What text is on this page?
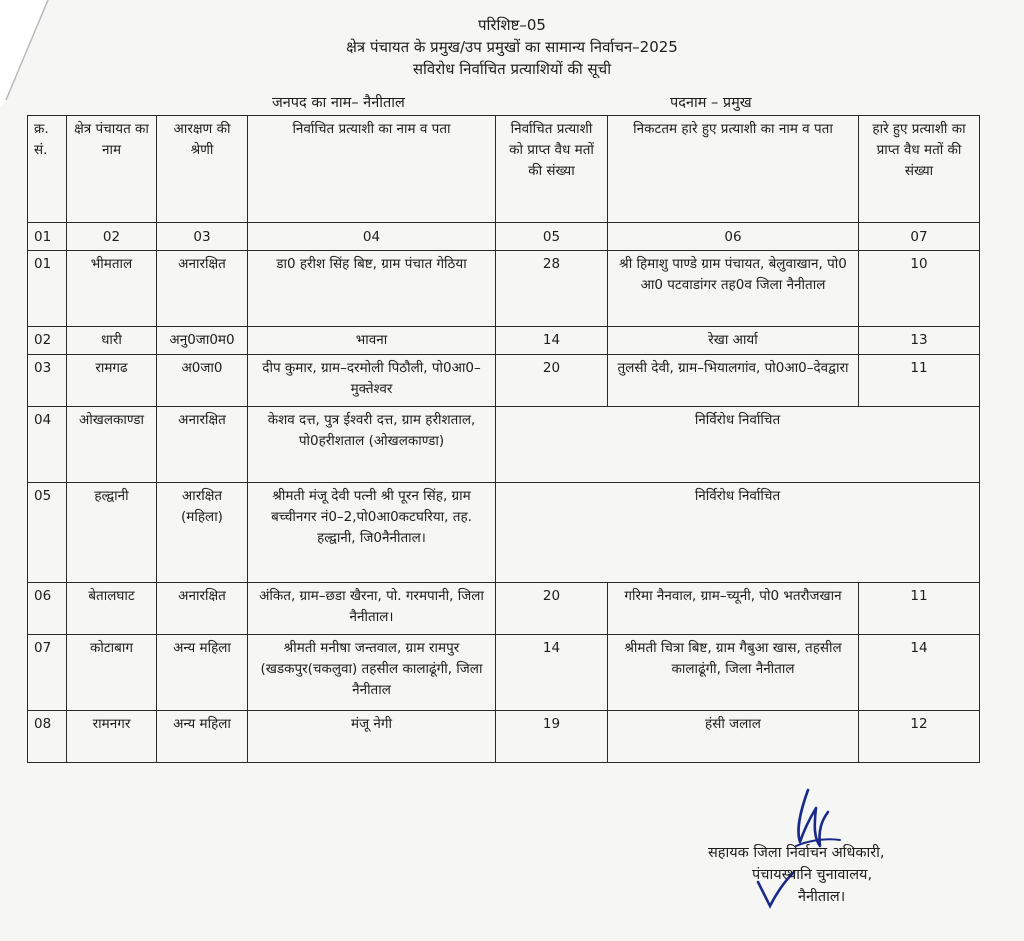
परिशिष्ट–05
क्षेत्र पंचायत के प्रमुख/उप प्रमुखों का सामान्य निर्वाचन–2025
सविरोध निर्वाचित प्रत्याशियों की सूची
जनपद का नाम– नैनीताल	पदनाम – प्रमुख
क्र. सं.	क्षेत्र पंचायत का नाम	आरक्षण की श्रेणी	निर्वाचित प्रत्याशी का नाम व पता	निर्वाचित प्रत्याशी को प्राप्त वैध मतों की संख्या	निकटतम हारे हुए प्रत्याशी का नाम व पता	हारे हुए प्रत्याशी का प्राप्त वैध मतों की संख्या
01	02	03	04	05	06	07
01	भीमताल	अनारक्षित	डा0 हरीश सिंह बिष्ट, ग्राम पंचात गेठिया	28	श्री हिमाशु पाण्डे ग्राम पंचायत, बेलुवाखान, पो0 आ0 पटवाडांगर तह0व जिला नैनीताल	10
02	धारी	अनु0जा0म0	भावना	14	रेखा आर्या	13
03	रामगढ	अ0जा0	दीप कुमार, ग्राम–दरमोली पिठौली, पो0आ0–मुक्तेश्वर	20	तुलसी देवी, ग्राम–भियालगांव, पो0आ0–देवद्वारा	11
04	ओखलकाण्डा	अनारक्षित	केशव दत्त, पुत्र ईश्वरी दत्त, ग्राम हरीशताल, पो0हरीशताल (ओखलकाण्डा)	निर्विरोध निर्वाचित		
05	हल्द्वानी	आरक्षित (महिला)	श्रीमती मंजू देवी पत्नी श्री पूरन सिंह, ग्राम बच्चीनगर नं0–2,पो0आ0कटघरिया, तह. हल्द्वानी, जि0नैनीताल।	निर्विरोध निर्वाचित		
06	बेतालघाट	अनारक्षित	अंकित, ग्राम–छडा खैरना, पो. गरमपानी, जिला नैनीताल।	20	गरिमा नैनवाल, ग्राम–च्यूनी, पो0 भतरौजखान	11
07	कोटाबाग	अन्य महिला	श्रीमती मनीषा जन्तवाल, ग्राम रामपुर (खडकपुर(चकलुवा) तहसील कालाढूंगी, जिला नैनीताल	14	श्रीमती चित्रा बिष्ट, ग्राम गैबुआ खास, तहसील कालाढूंगी, जिला नैनीताल	14
08	रामनगर	अन्य महिला	मंजू नेगी	19	हंसी जलाल	12
सहायक जिला निर्वाचन अधिकारी,
पंचायस्थानि चुनावालय,
नैनीताल।
